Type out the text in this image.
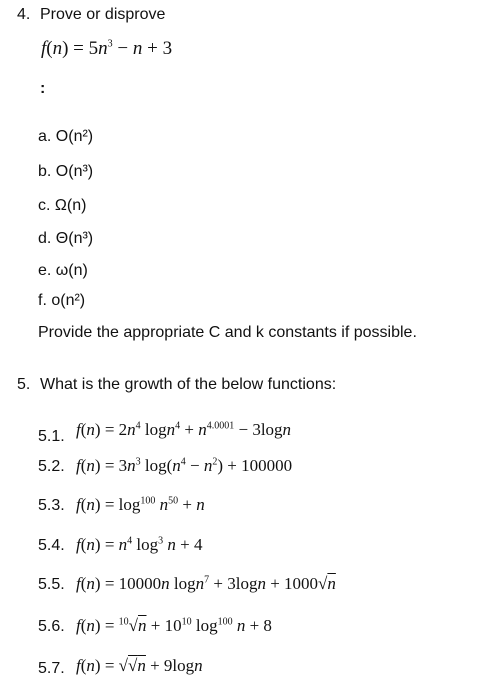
4. Prove or disprove
$f(n) = 5n^3 - n + 3$
:
a. O(n²)
b. O(n³)
c. Ω(n)
d. Θ(n³)
e. ω(n)
f. o(n²)
Provide the appropriate C and k constants if possible.
5. What is the growth of the below functions:
5.1. $f(n) = 2n^4$ $\log n^4 + n^{4.0001} - 3\log n$
5.2. $f(n) = 3n^3$ $\log(n^4 - n^2) + 100000$
5.3. $f(n) = \log^{100} n^{50} + n$
5.4. $f(n) = n^4$ $\log^3 n + 4$
5.5. f(n) = 10000n logn$^7$ + 3logn + 1000√n
5.6. $f(n) = ^{10}√n + 10^{10}$ $\log^{100} n + 8$
5.7. f(n) = √√n + 9logn
